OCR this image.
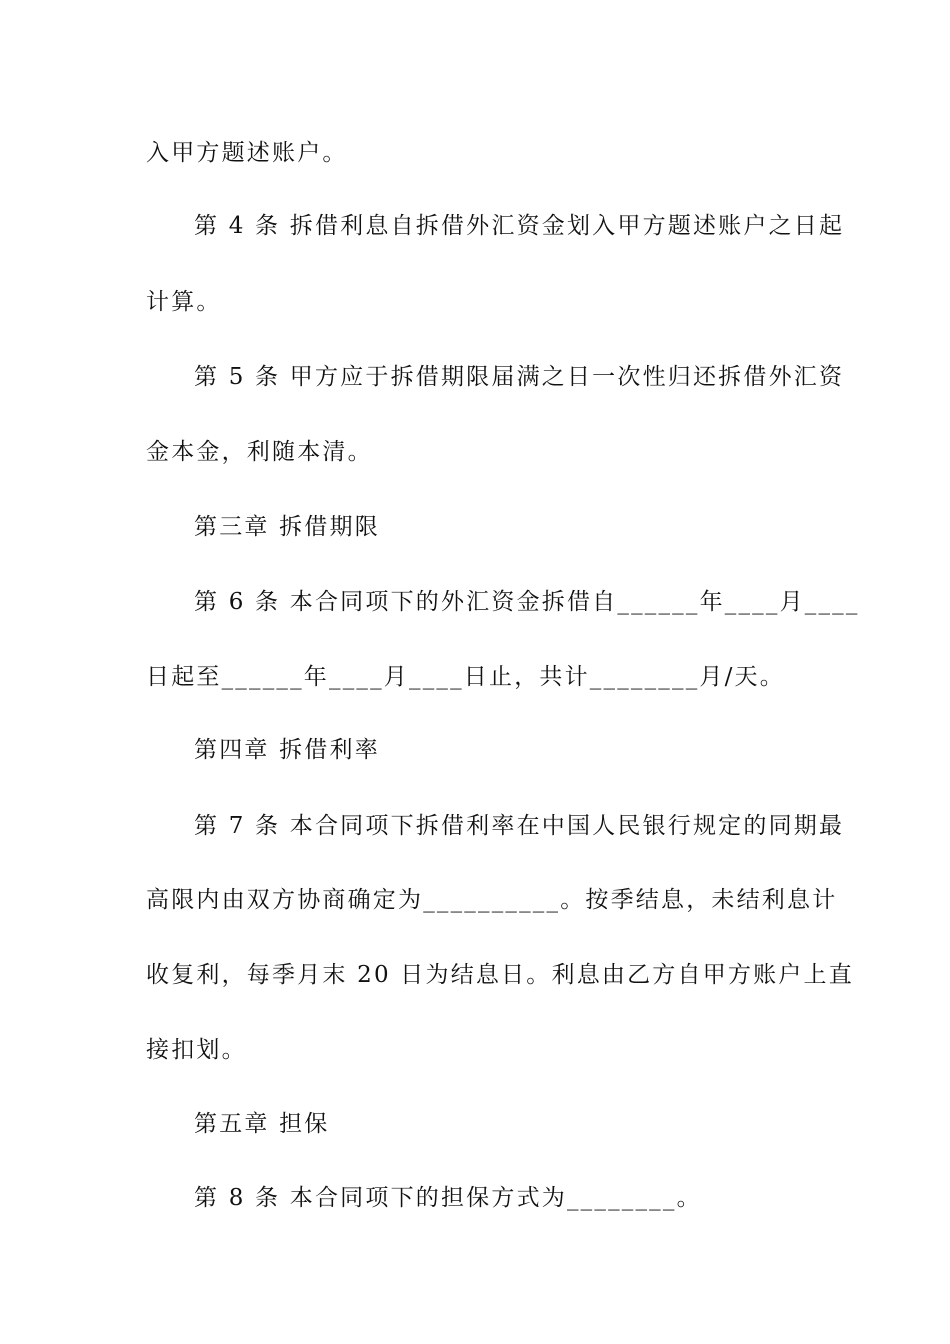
入甲方题述账户。
第 4 条 拆借利息自拆借外汇资金划入甲方题述账户之日起
计算。
第 5 条 甲方应于拆借期限届满之日一次性归还拆借外汇资
金本金，利随本清。
第三章 拆借期限
第 6 条 本合同项下的外汇资金拆借自______年____月____
日起至______年____月____日止，共计________月/天。
第四章 拆借利率
第 7 条 本合同项下拆借利率在中国人民银行规定的同期最
高限内由双方协商确定为__________。按季结息，未结利息计
收复利，每季月末 20 日为结息日。利息由乙方自甲方账户上直
接扣划。
第五章 担保
第 8 条 本合同项下的担保方式为________。
